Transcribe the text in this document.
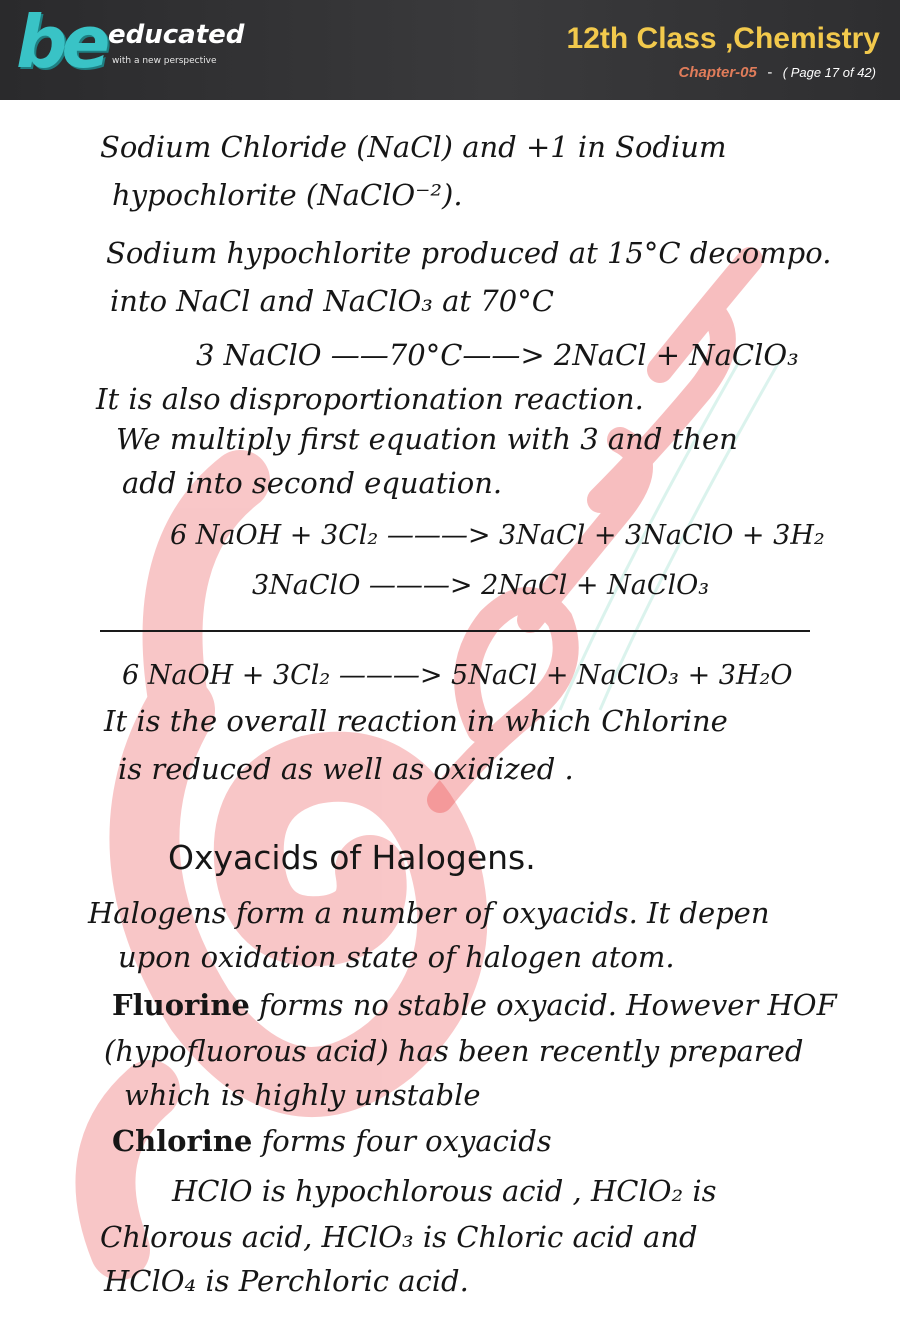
be educated
with a new perspective
12th Class ,Chemistry
Chapter-05 - ( Page 17 of 42)
Sodium Chloride (NaCl) and +1 in Sodium
hypochlorite (NaClO⁻²).
Sodium hypochlorite produced at 15°C decompo.
into NaCl and NaClO₃ at 70°C
3 NaClO ——70°C——> 2NaCl + NaClO₃
It is also disproportionation reaction.
We multiply first equation with 3 and then
add into second equation.
6 NaOH + 3Cl₂ ———> 3NaCl + 3NaClO + 3H₂
3NaClO ———> 2NaCl + NaClO₃
6 NaOH + 3Cl₂ ———> 5NaCl + NaClO₃ + 3H₂O
It is the overall reaction in which Chlorine
is reduced as well as oxidized .
Oxyacids of Halogens.
Halogens form a number of oxyacids. It depen
upon oxidation state of halogen atom.
Fluorine forms no stable oxyacid. However HOF
(hypofluorous acid) has been recently prepared
which is highly unstable
Chlorine forms four oxyacids
HClO is hypochlorous acid , HClO₂ is
Chlorous acid, HClO₃ is Chloric acid and
HClO₄ is Perchloric acid.
